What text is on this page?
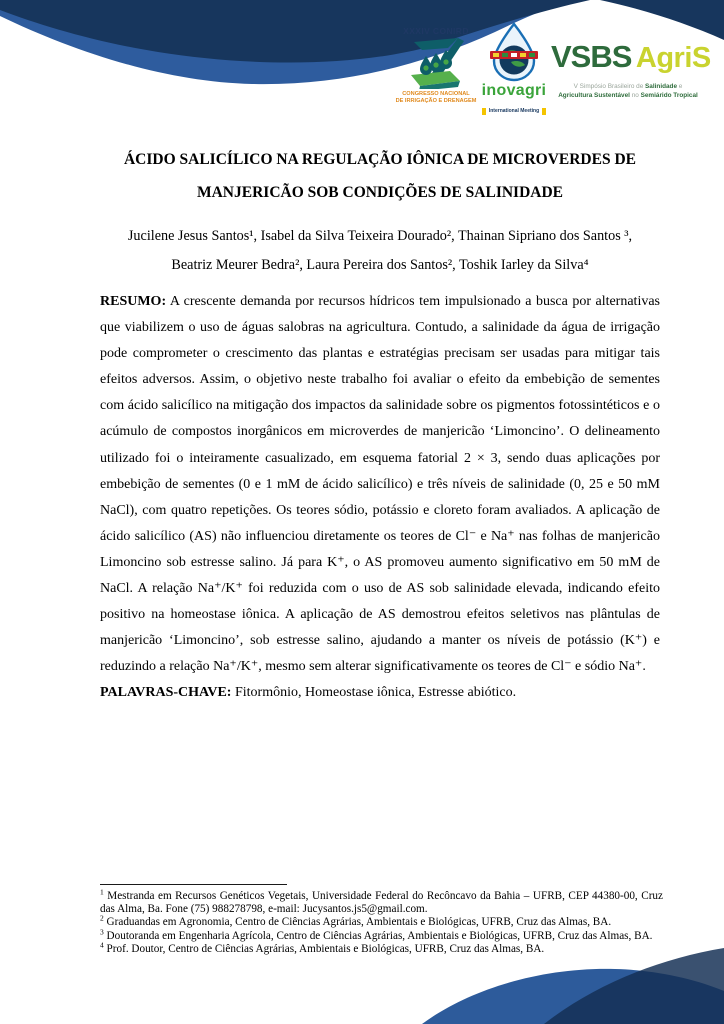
XXXIV CONIRD
CONGRESSO NACIONAL
DE IRRIGAÇÃO E DRENAGEM
inovagri
International Meeting
VSBS AgriS
V Simpósio Brasileiro de Salinidade e
Agricultura Sustentável no Semiárido Tropical
ÁCIDO SALICÍLICO NA REGULAÇÃO IÔNICA DE MICROVERDES DE
MANJERICÃO SOB CONDIÇÕES DE SALINIDADE
Jucilene Jesus Santos¹, Isabel da Silva Teixeira Dourado², Thainan Sipriano dos Santos ³,
Beatriz Meurer Bedra², Laura Pereira dos Santos², Toshik Iarley da Silva⁴

RESUMO: A crescente demanda por recursos hídricos tem impulsionado a busca por alternativas que viabilizem o uso de águas salobras na agricultura. Contudo, a salinidade da água de irrigação pode comprometer o crescimento das plantas e estratégias precisam ser usadas para mitigar tais efeitos adversos. Assim, o objetivo neste trabalho foi avaliar o efeito da embebição de sementes com ácido salicílico na mitigação dos impactos da salinidade sobre os pigmentos fotossintéticos e o acúmulo de compostos inorgânicos em microverdes de manjericão ‘Limoncino’. O delineamento utilizado foi o inteiramente casualizado, em esquema fatorial 2 × 3, sendo duas aplicações por embebição de sementes (0 e 1 mM de ácido salicílico) e três níveis de salinidade (0, 25 e 50 mM NaCl), com quatro repetições. Os teores sódio, potássio e cloreto foram avaliados. A aplicação de ácido salicílico (AS) não influenciou diretamente os teores de Cl⁻ e Na⁺ nas folhas de manjericão Limoncino sob estresse salino. Já para K⁺, o AS promoveu aumento significativo em 50 mM de NaCl. A relação Na⁺/K⁺ foi reduzida com o uso de AS sob salinidade elevada, indicando efeito positivo na homeostase iônica. A aplicação de AS demostrou efeitos seletivos nas plântulas de manjericão ‘Limoncino’, sob estresse salino, ajudando a manter os níveis de potássio (K⁺) e reduzindo a relação Na⁺/K⁺, mesmo sem alterar significativamente os teores de Cl⁻ e sódio Na⁺.

PALAVRAS-CHAVE: Fitormônio, Homeostase iônica, Estresse abiótico.

$^1$ Mestranda em Recursos Genéticos Vegetais, Universidade Federal do Recôncavo da Bahia – UFRB, CEP 44380-00, Cruz das Alma, Ba. Fone (75) 988278798, e-mail: Jucysantos.js5@gmail.com.

$^2$ Graduandas em Agronomia, Centro de Ciências Agrárias, Ambientais e Biológicas, UFRB, Cruz das Almas, BA.

$^3$ Doutoranda em Engenharia Agrícola, Centro de Ciências Agrárias, Ambientais e Biológicas, UFRB, Cruz das Almas, BA.

$^4$ Prof. Doutor, Centro de Ciências Agrárias, Ambientais e Biológicas, UFRB, Cruz das Almas, BA.
